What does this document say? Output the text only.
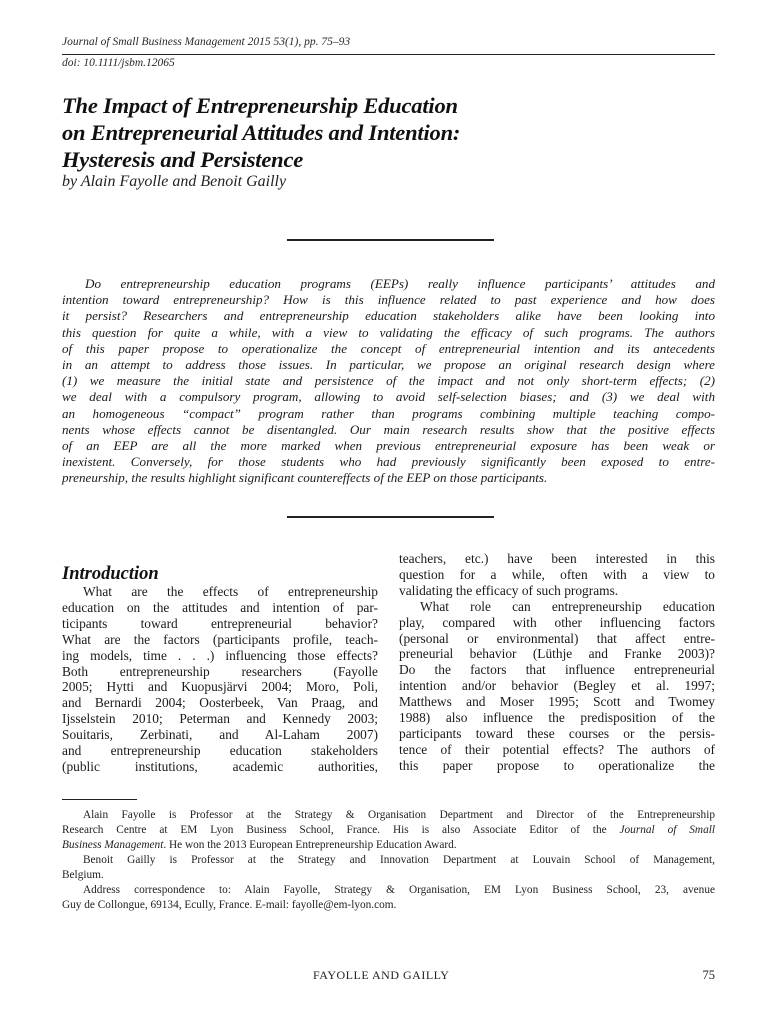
Journal of Small Business Management 2015 53(1), pp. 75–93
doi: 10.1111/jsbm.12065
The Impact of Entrepreneurship Education
on Entrepreneurial Attitudes and Intention:
Hysteresis and Persistence
by Alain Fayolle and Benoit Gailly
Do entrepreneurship education programs (EEPs) really influence participants’ attitudes and
intention toward entrepreneurship? How is this influence related to past experience and how does
it persist? Researchers and entrepreneurship education stakeholders alike have been looking into
this question for quite a while, with a view to validating the efficacy of such programs. The authors
of this paper propose to operationalize the concept of entrepreneurial intention and its antecedents
in an attempt to address those issues. In particular, we propose an original research design where
(1) we measure the initial state and persistence of the impact and not only short-term effects; (2)
we deal with a compulsory program, allowing to avoid self-selection biases; and (3) we deal with
an homogeneous “compact” program rather than programs combining multiple teaching compo-
nents whose effects cannot be disentangled. Our main research results show that the positive effects
of an EEP are all the more marked when previous entrepreneurial exposure has been weak or
inexistent. Conversely, for those students who had previously significantly been exposed to entre-
preneurship, the results highlight significant countereffects of the EEP on those participants.
Introduction
What are the effects of entrepreneurship
education on the attitudes and intention of par-
ticipants toward entrepreneurial behavior?
What are the factors (participants profile, teach-
ing models, time . . .) influencing those effects?
Both entrepreneurship researchers (Fayolle
2005; Hytti and Kuopusjärvi 2004; Moro, Poli,
and Bernardi 2004; Oosterbeek, Van Praag, and
Ijsselstein 2010; Peterman and Kennedy 2003;
Souitaris, Zerbinati, and Al-Laham 2007)
and entrepreneurship education stakeholders
(public institutions, academic authorities,
teachers, etc.) have been interested in this
question for a while, often with a view to
validating the efficacy of such programs.
What role can entrepreneurship education
play, compared with other influencing factors
(personal or environmental) that affect entre-
preneurial behavior (Lüthje and Franke 2003)?
Do the factors that influence entrepreneurial
intention and/or behavior (Begley et al. 1997;
Matthews and Moser 1995; Scott and Twomey
1988) also influence the predisposition of the
participants toward these courses or the persis-
tence of their potential effects? The authors of
this paper propose to operationalize the
Alain Fayolle is Professor at the Strategy & Organisation Department and Director of the Entrepreneurship
Research Centre at EM Lyon Business School, France. His is also Associate Editor of the Journal of Small
Business Management. He won the 2013 European Entrepreneurship Education Award.
Benoit Gailly is Professor at the Strategy and Innovation Department at Louvain School of Management,
Belgium.
Address correspondence to: Alain Fayolle, Strategy & Organisation, EM Lyon Business School, 23, avenue
Guy de Collongue, 69134, Ecully, France. E-mail: fayolle@em-lyon.com.
FAYOLLE AND GAILLY	75
